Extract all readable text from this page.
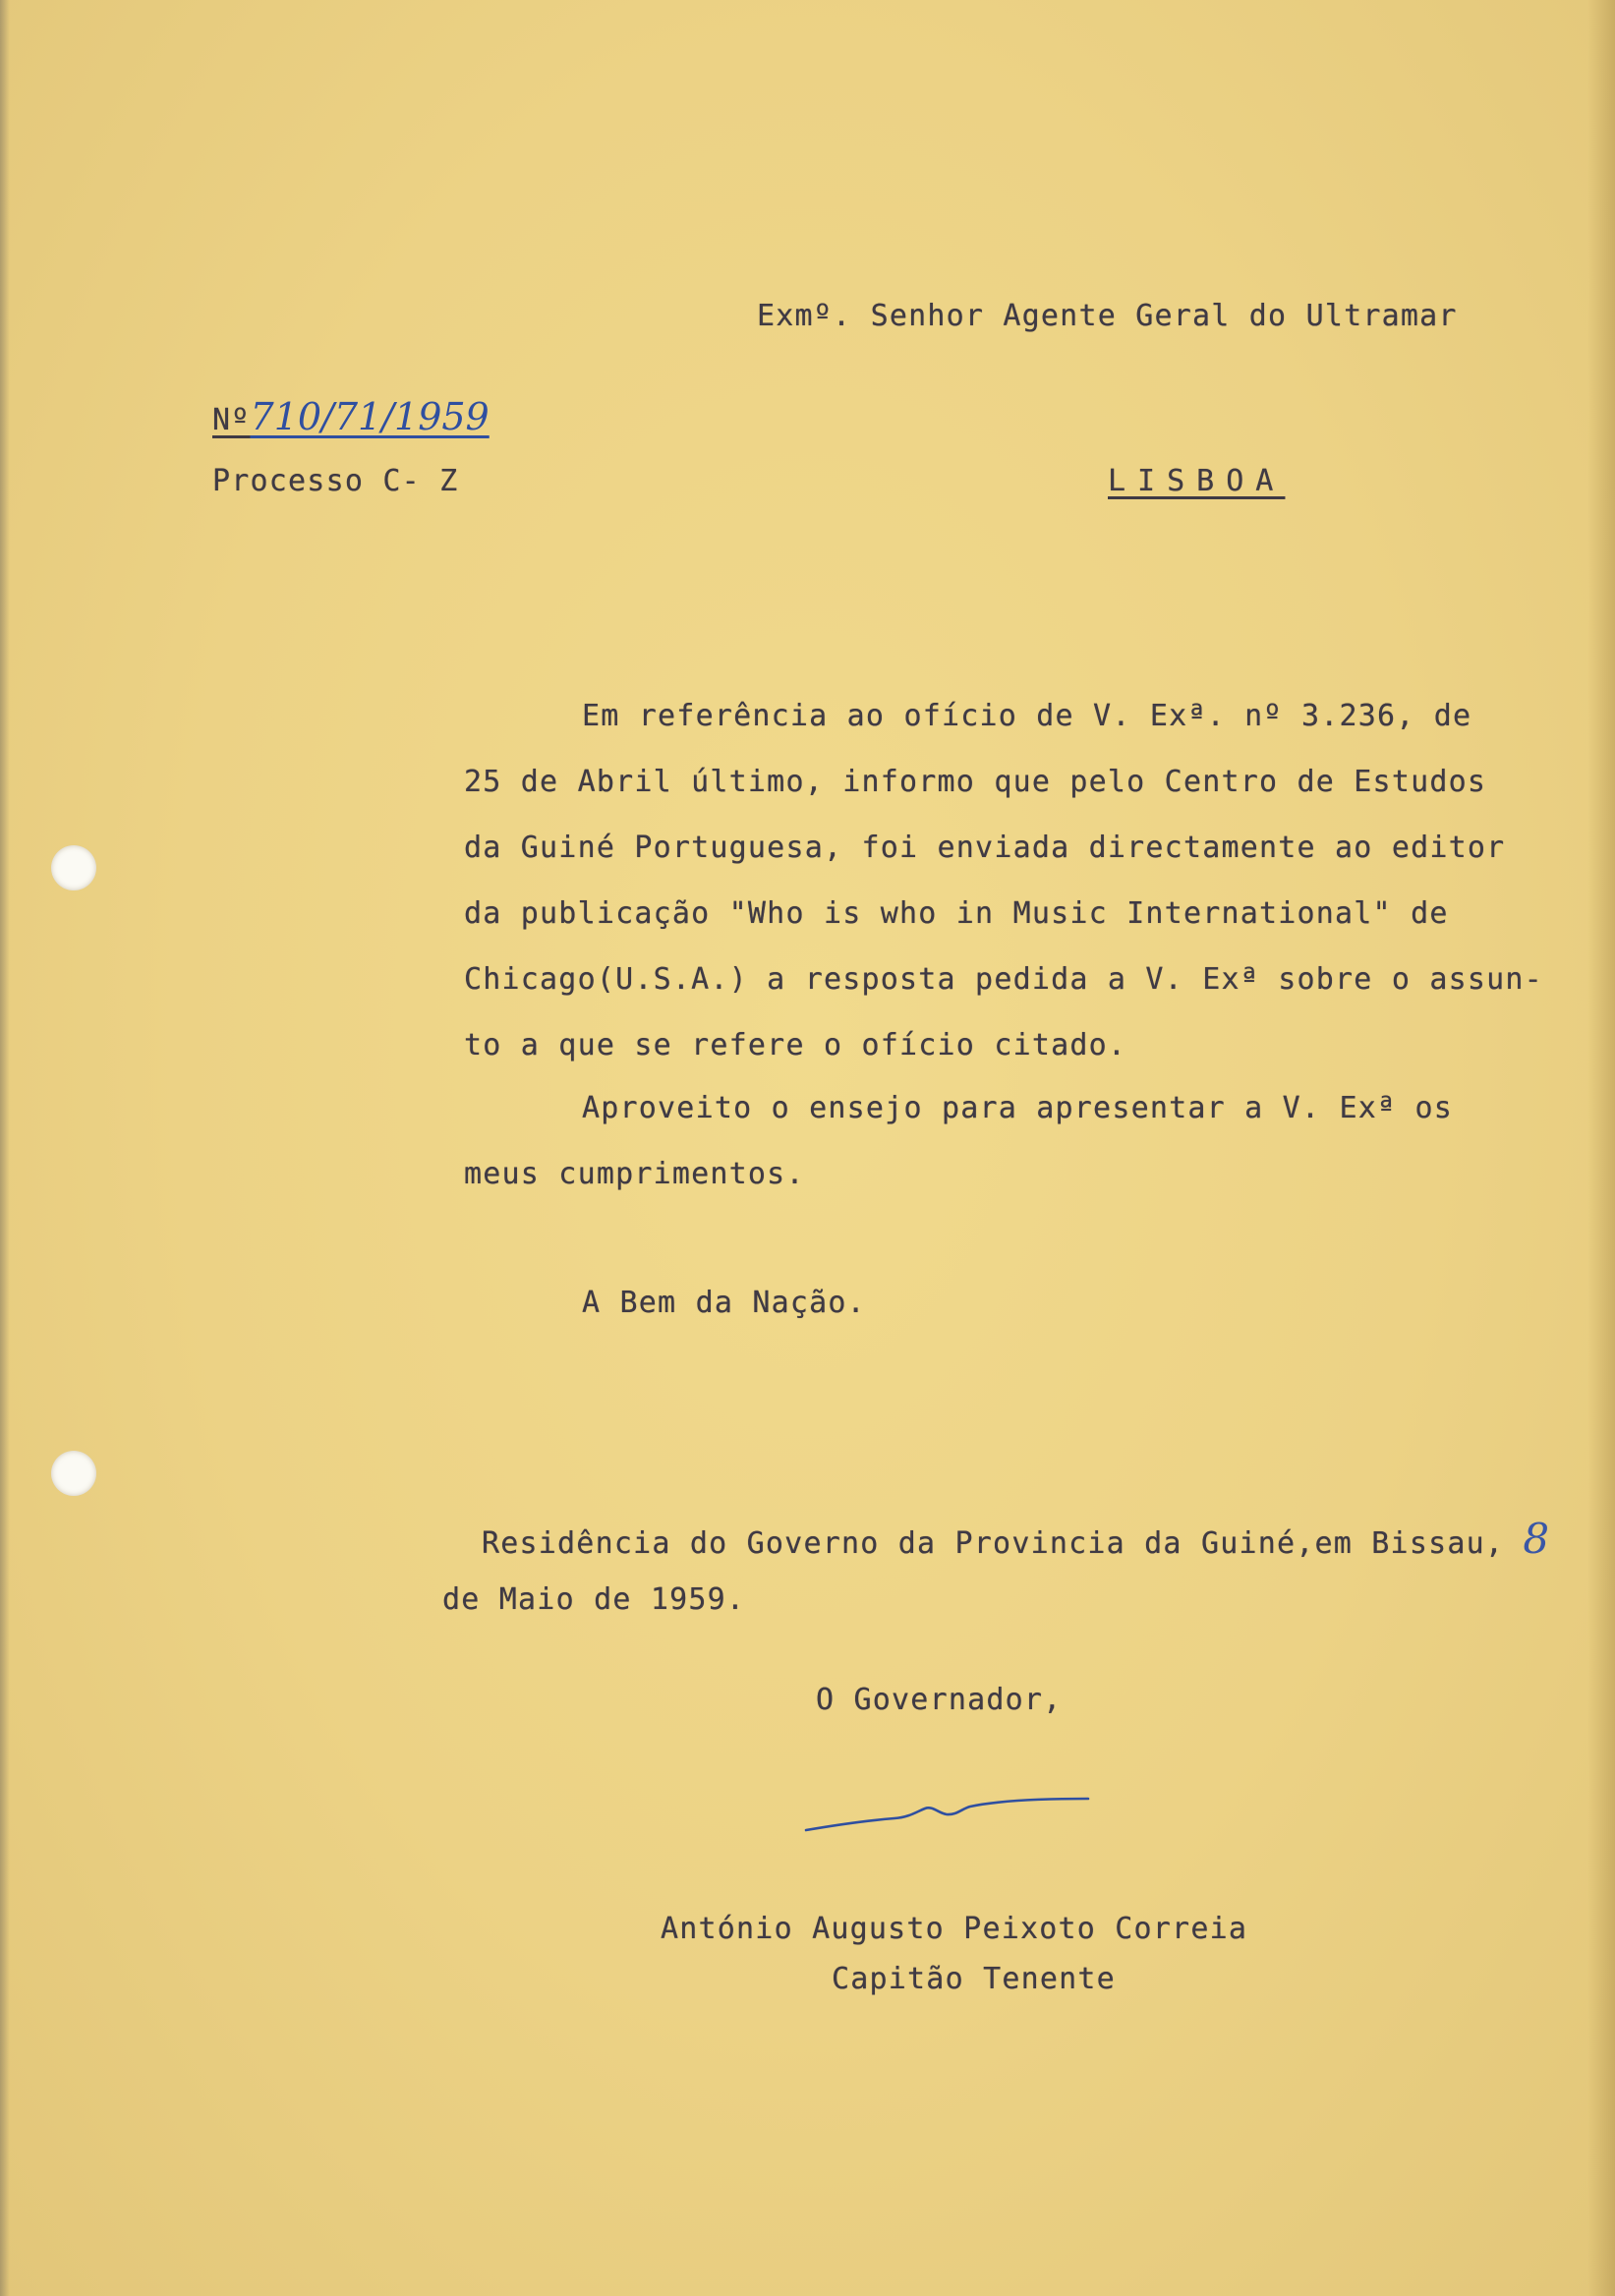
Exmº. Senhor Agente Geral do Ultramar
Nº710/71/1959
Processo C- Z	LISBOA
Em referência ao ofício de V. Exª. nº 3.236, de
25 de Abril último, informo que pelo Centro de Estudos
da Guiné Portuguesa, foi enviada directamente ao editor
da publicação "Who is who in Music International" de
Chicago(U.S.A.) a resposta pedida a V. Exª sobre o assun-
to a que se refere o ofício citado.
Aproveito o ensejo para apresentar a V. Exª os
meus cumprimentos.
A Bem da Nação.
Residência do Governo da Provincia da Guiné,em Bissau, 8
de Maio de 1959.
O Governador,
António Augusto Peixoto Correia
Capitão Tenente
